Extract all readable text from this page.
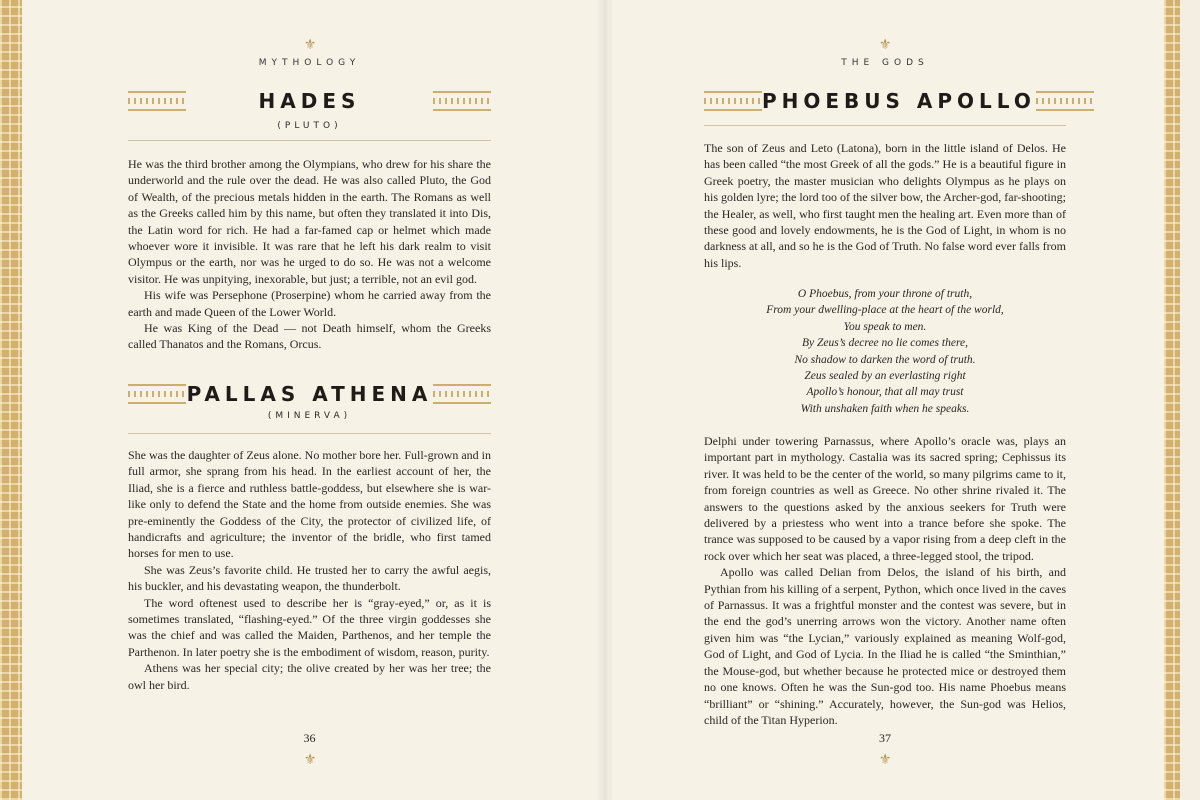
⚜
MYTHOLOGY
HADES
(PLUTO)

He was the third brother among the Olympians, who drew for his share the underworld and the rule over the dead. He was also called Pluto, the God of Wealth, of the precious metals hidden in the earth. The Romans as well as the Greeks called him by this name, but often they translated it into Dis, the Latin word for rich. He had a far-famed cap or helmet which made whoever wore it invisible. It was rare that he left his dark realm to visit Olympus or the earth, nor was he urged to do so. He was not a welcome visitor. He was unpitying, inexorable, but just; a terrible, not an evil god.

His wife was Persephone (Proserpine) whom he carried away from the earth and made Queen of the Lower World.

He was King of the Dead — not Death himself, whom the Greeks called Thanatos and the Romans, Orcus.

PALLAS ATHENA
(MINERVA)

She was the daughter of Zeus alone. No mother bore her. Full-grown and in full armor, she sprang from his head. In the earliest account of her, the Iliad, she is a fierce and ruthless battle-goddess, but elsewhere she is war-like only to defend the State and the home from outside enemies. She was pre-eminently the Goddess of the City, the protector of civilized life, of handicrafts and agriculture; the inventor of the bridle, who first tamed horses for men to use.

She was Zeus’s favorite child. He trusted her to carry the awful aegis, his buckler, and his devastating weapon, the thunderbolt.

The word oftenest used to describe her is “gray-eyed,” or, as it is sometimes translated, “flashing-eyed.” Of the three virgin goddesses she was the chief and was called the Maiden, Parthenos, and her temple the Parthenon. In later poetry she is the embodiment of wisdom, reason, purity.

Athens was her special city; the olive created by her was her tree; the owl her bird.

36
⚜
⚜
THE GODS
PHOEBUS APOLLO

The son of Zeus and Leto (Latona), born in the little island of Delos. He has been called “the most Greek of all the gods.” He is a beautiful figure in Greek poetry, the master musician who delights Olympus as he plays on his golden lyre; the lord too of the silver bow, the Archer-god, far-shooting; the Healer, as well, who first taught men the healing art. Even more than of these good and lovely endowments, he is the God of Light, in whom is no darkness at all, and so he is the God of Truth. No false word ever falls from his lips.

O Phoebus, from your throne of truth,
From your dwelling-place at the heart of the world,
You speak to men.
By Zeus’s decree no lie comes there,
No shadow to darken the word of truth.
Zeus sealed by an everlasting right
Apollo’s honour, that all may trust
With unshaken faith when he speaks.

Delphi under towering Parnassus, where Apollo’s oracle was, plays an important part in mythology. Castalia was its sacred spring; Cephissus its river. It was held to be the center of the world, so many pilgrims came to it, from foreign countries as well as Greece. No other shrine rivaled it. The answers to the questions asked by the anxious seekers for Truth were delivered by a priestess who went into a trance before she spoke. The trance was supposed to be caused by a vapor rising from a deep cleft in the rock over which her seat was placed, a three-legged stool, the tripod.

Apollo was called Delian from Delos, the island of his birth, and Pythian from his killing of a serpent, Python, which once lived in the caves of Parnassus. It was a frightful monster and the contest was severe, but in the end the god’s unerring arrows won the victory. Another name often given him was “the Lycian,” variously explained as meaning Wolf-god, God of Light, and God of Lycia. In the Iliad he is called “the Sminthian,” the Mouse-god, but whether because he protected mice or destroyed them no one knows. Often he was the Sun-god too. His name Phoebus means “brilliant” or “shining.” Accurately, however, the Sun-god was Helios, child of the Titan Hyperion.

37
⚜
